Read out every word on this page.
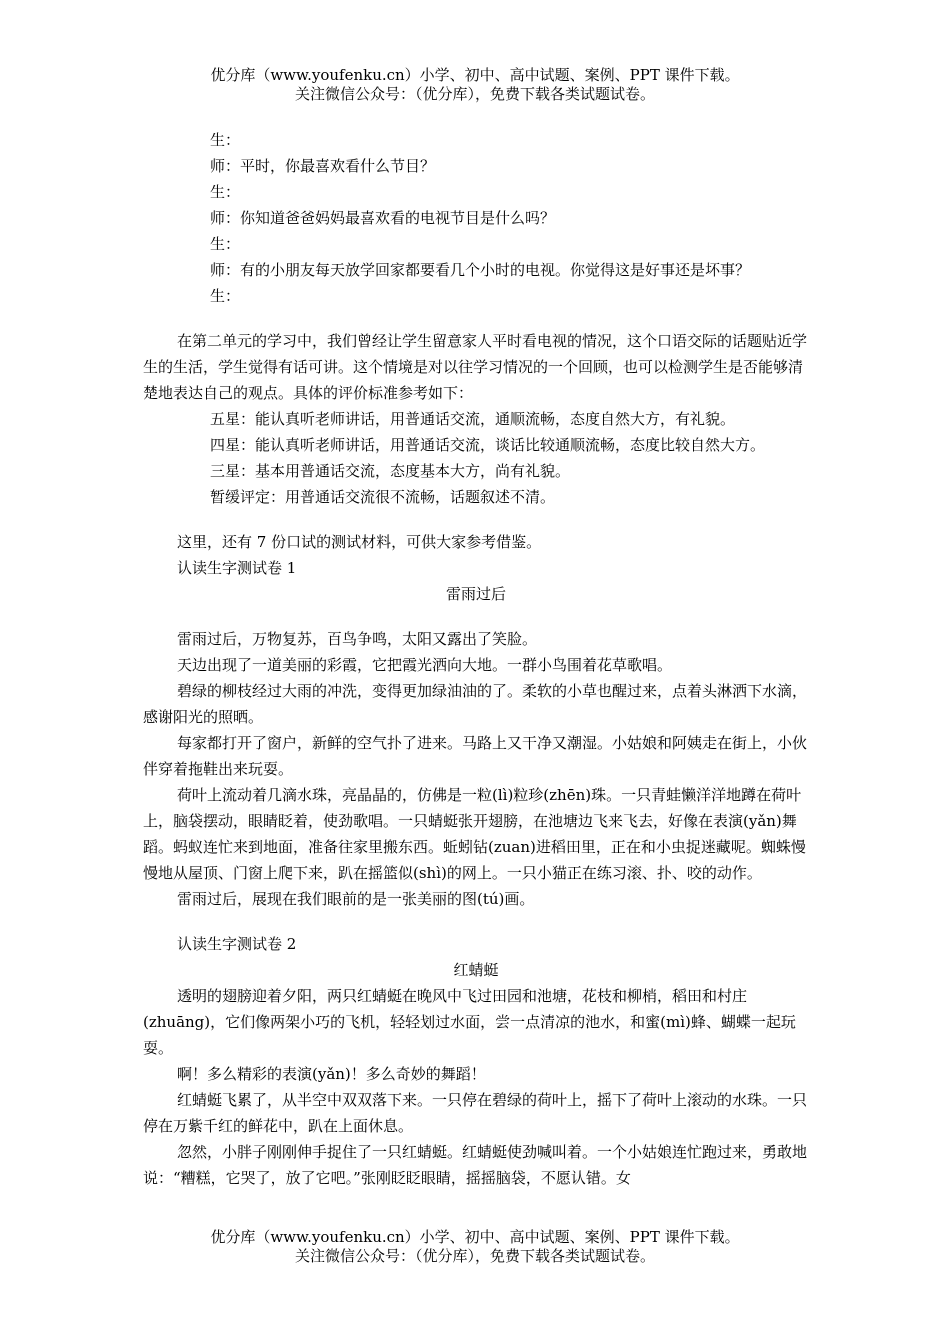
优分库（www.youfenku.cn）小学、初中、高中试题、案例、PPT 课件下载。
关注微信公众号：（优分库），免费下载各类试题试卷。

生：

师：平时，你最喜欢看什么节目？

生：

师：你知道爸爸妈妈最喜欢看的电视节目是什么吗？

生：

师：有的小朋友每天放学回家都要看几个小时的电视。你觉得这是好事还是坏事？

生：

在第二单元的学习中，我们曾经让学生留意家人平时看电视的情况，这个口语交际的话题贴近学生的生活，学生觉得有话可讲。这个情境是对以往学习情况的一个回顾，也可以检测学生是否能够清楚地表达自己的观点。具体的评价标准参考如下：

五星：能认真听老师讲话，用普通话交流，通顺流畅，态度自然大方，有礼貌。

四星：能认真听老师讲话，用普通话交流，谈话比较通顺流畅，态度比较自然大方。

三星：基本用普通话交流，态度基本大方，尚有礼貌。

暂缓评定：用普通话交流很不流畅，话题叙述不清。

这里，还有 7 份口试的测试材料，可供大家参考借鉴。

认读生字测试卷 1

雷雨过后

雷雨过后，万物复苏，百鸟争鸣，太阳又露出了笑脸。

天边出现了一道美丽的彩霞，它把霞光洒向大地。一群小鸟围着花草歌唱。

碧绿的柳枝经过大雨的冲洗，变得更加绿油油的了。柔软的小草也醒过来，点着头淋洒下水滴，感谢阳光的照晒。

每家都打开了窗户，新鲜的空气扑了进来。马路上又干净又潮湿。小姑娘和阿姨走在街上，小伙伴穿着拖鞋出来玩耍。

荷叶上流动着几滴水珠，亮晶晶的，仿佛是一粒(lì)粒珍(zhēn)珠。一只青蛙懒洋洋地蹲在荷叶上，脑袋摆动，眼睛眨着，使劲歌唱。一只蜻蜓张开翅膀，在池塘边飞来飞去，好像在表演(yǎn)舞蹈。蚂蚁连忙来到地面，准备往家里搬东西。蚯蚓钻(zuan)进稻田里，正在和小虫捉迷藏呢。蜘蛛慢慢地从屋顶、门窗上爬下来，趴在摇篮似(shì)的网上。一只小猫正在练习滚、扑、咬的动作。

雷雨过后，展现在我们眼前的是一张美丽的图(tú)画。

认读生字测试卷 2

红蜻蜓

透明的翅膀迎着夕阳，两只红蜻蜓在晚风中飞过田园和池塘，花枝和柳梢，稻田和村庄(zhuāng)，它们像两架小巧的飞机，轻轻划过水面，尝一点清凉的池水，和蜜(mì)蜂、蝴蝶一起玩耍。

啊！多么精彩的表演(yǎn)！多么奇妙的舞蹈！

红蜻蜓飞累了，从半空中双双落下来。一只停在碧绿的荷叶上，摇下了荷叶上滚动的水珠。一只停在万紫千红的鲜花中，趴在上面休息。

忽然，小胖子刚刚伸手捉住了一只红蜻蜓。红蜻蜓使劲喊叫着。一个小姑娘连忙跑过来，勇敢地说：“糟糕，它哭了，放了它吧。”张刚眨眨眼睛，摇摇脑袋，不愿认错。女

优分库（www.youfenku.cn）小学、初中、高中试题、案例、PPT 课件下载。
关注微信公众号：（优分库），免费下载各类试题试卷。
